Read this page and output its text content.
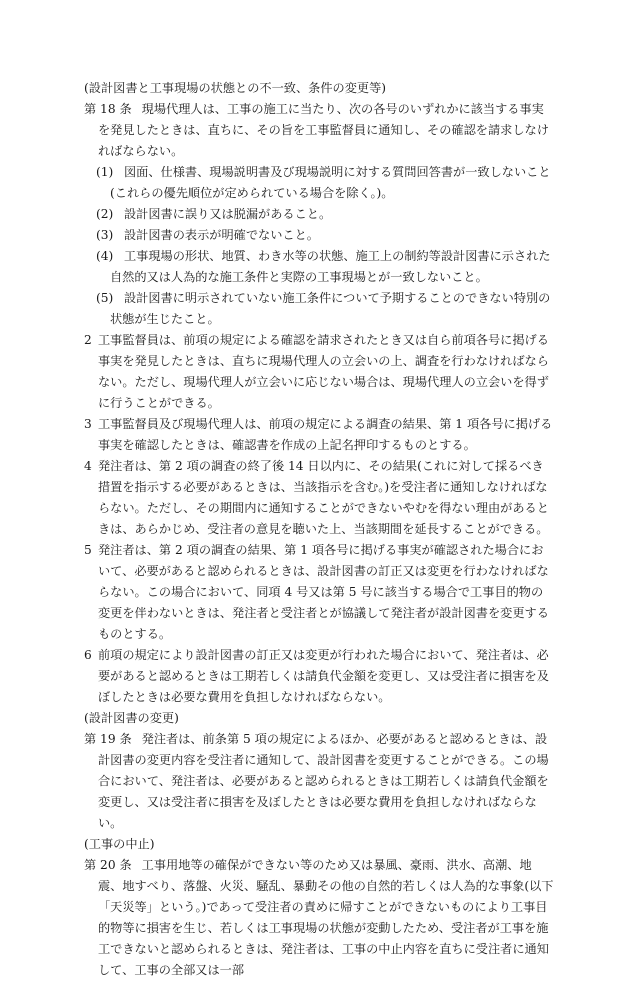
(設計図書と工事現場の状態との不一致、条件の変更等)

第 18 条 現場代理人は、工事の施工に当たり、次の各号のいずれかに該当する事実を発見したときは、直ちに、その旨を工事監督員に通知し、その確認を請求しなければならない。

(1) 図面、仕様書、現場説明書及び現場説明に対する質問回答書が一致しないこと(これらの優先順位が定められている場合を除く。)。

(2) 設計図書に誤り又は脱漏があること。

(3) 設計図書の表示が明確でないこと。

(4) 工事現場の形状、地質、わき水等の状態、施工上の制約等設計図書に示された自然的又は人為的な施工条件と実際の工事現場とが一致しないこと。

(5) 設計図書に明示されていない施工条件について予期することのできない特別の状態が生じたこと。

2 工事監督員は、前項の規定による確認を請求されたとき又は自ら前項各号に掲げる事実を発見したときは、直ちに現場代理人の立会いの上、調査を行わなければならない。ただし、現場代理人が立会いに応じない場合は、現場代理人の立会いを得ずに行うことができる。

3 工事監督員及び現場代理人は、前項の規定による調査の結果、第 1 項各号に掲げる事実を確認したときは、確認書を作成の上記名押印するものとする。

4 発注者は、第 2 項の調査の終了後 14 日以内に、その結果(これに対して採るべき措置を指示する必要があるときは、当該指示を含む。)を受注者に通知しなければならない。ただし、その期間内に通知することができないやむを得ない理由があるときは、あらかじめ、受注者の意見を聴いた上、当該期間を延長することができる。

5 発注者は、第 2 項の調査の結果、第 1 項各号に掲げる事実が確認された場合において、必要があると認められるときは、設計図書の訂正又は変更を行わなければならない。この場合において、同項 4 号又は第 5 号に該当する場合で工事目的物の変更を伴わないときは、発注者と受注者とが協議して発注者が設計図書を変更するものとする。

6 前項の規定により設計図書の訂正又は変更が行われた場合において、発注者は、必要があると認めるときは工期若しくは請負代金額を変更し、又は受注者に損害を及ぼしたときは必要な費用を負担しなければならない。

(設計図書の変更)

第 19 条 発注者は、前条第 5 項の規定によるほか、必要があると認めるときは、設計図書の変更内容を受注者に通知して、設計図書を変更することができる。この場合において、発注者は、必要があると認められるときは工期若しくは請負代金額を変更し、又は受注者に損害を及ぼしたときは必要な費用を負担しなければならない。

(工事の中止)

第 20 条 工事用地等の確保ができない等のため又は暴風、豪雨、洪水、高潮、地震、地すべり、落盤、火災、騒乱、暴動その他の自然的若しくは人為的な事象(以下「天災等」という。)であって受注者の責めに帰すことができないものにより工事目的物等に損害を生じ、若しくは工事現場の状態が変動したため、受注者が工事を施工できないと認められるときは、発注者は、工事の中止内容を直ちに受注者に通知して、工事の全部又は一部
